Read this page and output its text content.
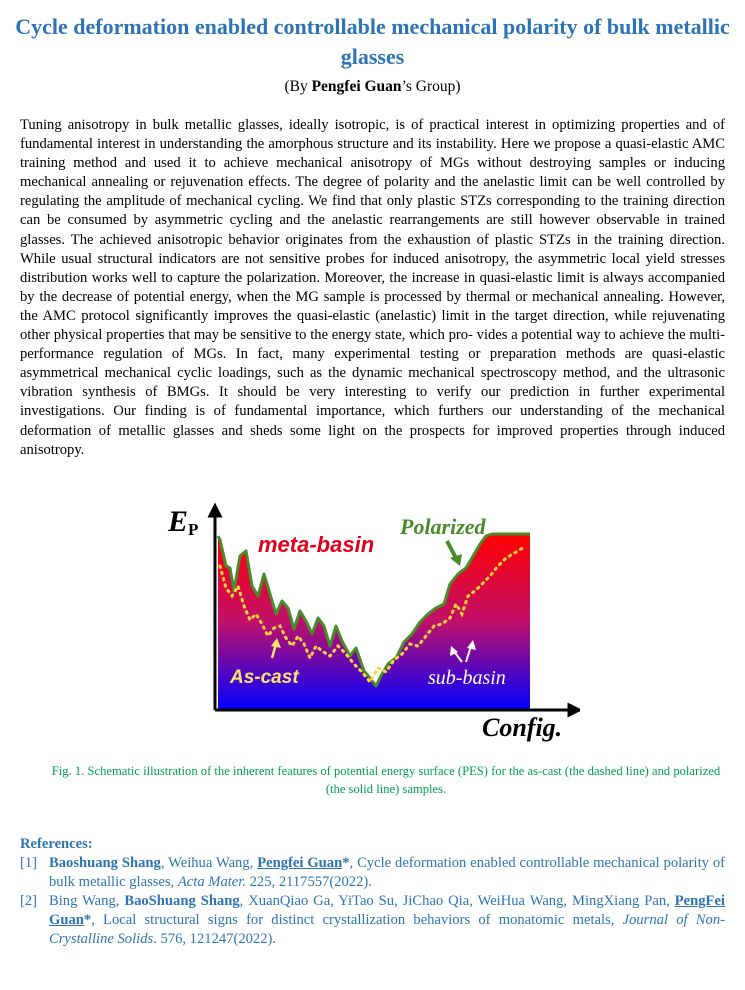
Cycle deformation enabled controllable mechanical polarity of bulk metallic glasses
(By Pengfei Guan’s Group)

Tuning anisotropy in bulk metallic glasses, ideally isotropic, is of practical interest in optimizing properties and of fundamental interest in understanding the amorphous structure and its instability. Here we propose a quasi-elastic AMC training method and used it to achieve mechanical anisotropy of MGs without destroying samples or inducing mechanical annealing or rejuvenation effects. The degree of polarity and the anelastic limit can be well controlled by regulating the amplitude of mechanical cycling. We find that only plastic STZs corresponding to the training direction can be consumed by asymmetric cycling and the anelastic rearrangements are still however observable in trained glasses. The achieved anisotropic behavior originates from the exhaustion of plastic STZs in the training direction. While usual structural indicators are not sensitive probes for induced anisotropy, the asymmetric local yield stresses distribution works well to capture the polarization. Moreover, the increase in quasi-elastic limit is always accompanied by the decrease of potential energy, when the MG sample is processed by thermal or mechanical annealing. However, the AMC protocol significantly improves the quasi-elastic (anelastic) limit in the target direction, while rejuvenating other physical properties that may be sensitive to the energy state, which pro- vides a potential way to achieve the multi-performance regulation of MGs. In fact, many experimental testing or preparation methods are quasi-elastic asymmetrical mechanical cyclic loadings, such as the dynamic mechanical spectroscopy method, and the ultrasonic vibration synthesis of BMGs. It should be very interesting to verify our prediction in further experimental investigations. Our finding is of fundamental importance, which furthers our understanding of the mechanical deformation of metallic glasses and sheds some light on the prospects for improved properties through induced anisotropy.

EP
Config.
meta-basin
Polarized
As-cast	sub-basin

Fig. 1. Schematic illustration of the inherent features of potential energy surface (PES) for the as-cast (the dashed line) and polarized (the solid line) samples.

References:
[1] Baoshuang Shang, Weihua Wang, Pengfei Guan*, Cycle deformation enabled controllable mechanical polarity of bulk metallic glasses, Acta Mater. 225, 2117557(2022).
[2] Bing Wang, BaoShuang Shang, XuanQiao Ga, YiTao Su, JiChao Qia, WeiHua Wang, MingXiang Pan, PengFei Guan*, Local structural signs for distinct crystallization behaviors of monatomic metals, Journal of Non-Crystalline Solids. 576, 121247(2022).
